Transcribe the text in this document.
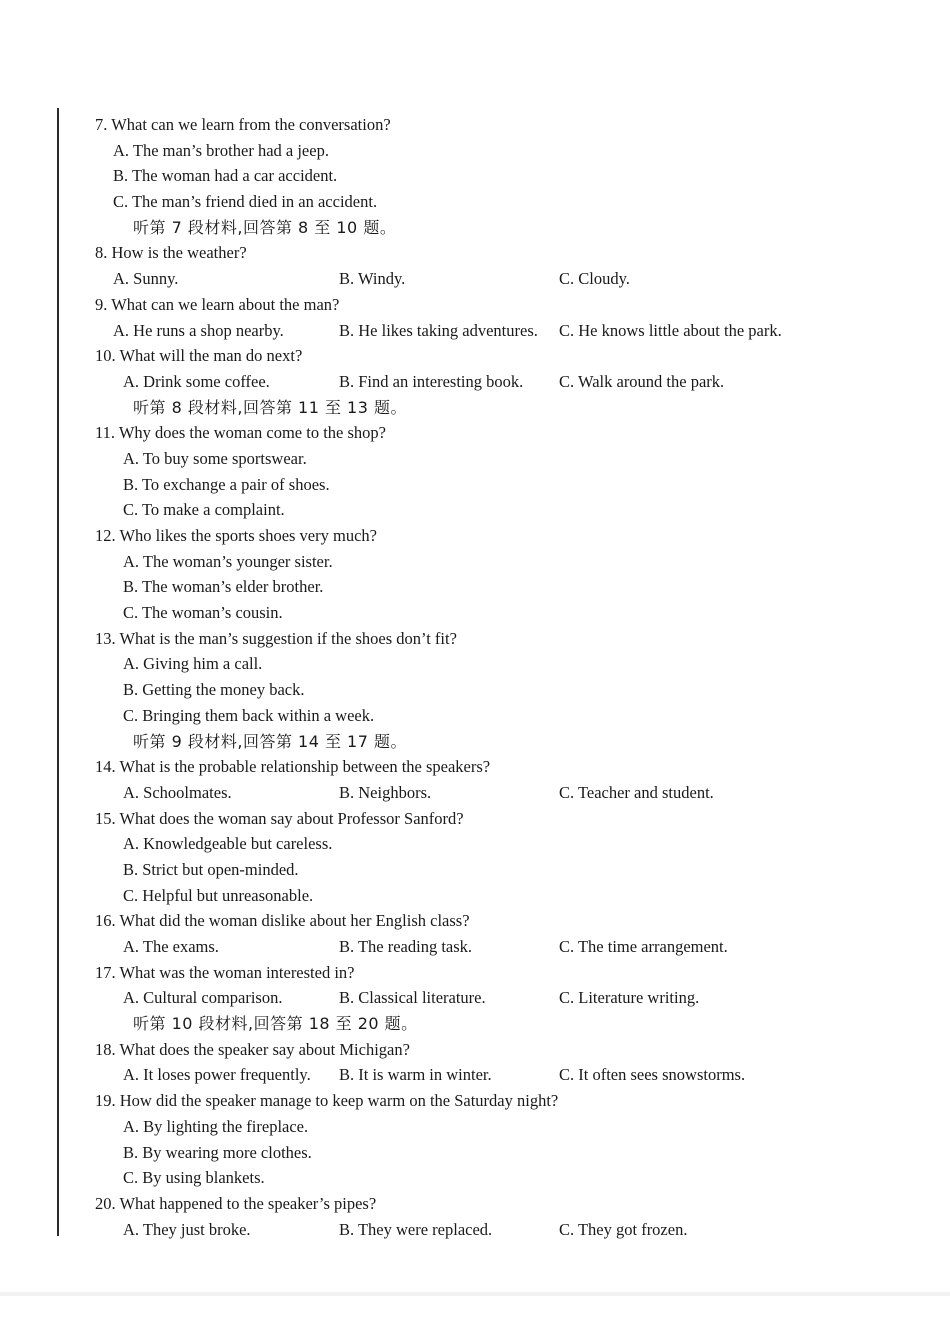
7. What can we learn from the conversation?
A. The man’s brother had a jeep.
B. The woman had a car accident.
C. The man’s friend died in an accident.
听第 7 段材料,回答第 8 至 10 题。
8. How is the weather?
A. Sunny.	B. Windy.	C. Cloudy.
9. What can we learn about the man?
A. He runs a shop nearby.	B. He likes taking adventures.	C. He knows little about the park.
10. What will the man do next?
A. Drink some coffee.	B. Find an interesting book.	C. Walk around the park.
听第 8 段材料,回答第 11 至 13 题。
11. Why does the woman come to the shop?
A. To buy some sportswear.
B. To exchange a pair of shoes.
C. To make a complaint.
12. Who likes the sports shoes very much?
A. The woman’s younger sister.
B. The woman’s elder brother.
C. The woman’s cousin.
13. What is the man’s suggestion if the shoes don’t fit?
A. Giving him a call.
B. Getting the money back.
C. Bringing them back within a week.
听第 9 段材料,回答第 14 至 17 题。
14. What is the probable relationship between the speakers?
A. Schoolmates.	B. Neighbors.	C. Teacher and student.
15. What does the woman say about Professor Sanford?
A. Knowledgeable but careless.
B. Strict but open-minded.
C. Helpful but unreasonable.
16. What did the woman dislike about her English class?
A. The exams.	B. The reading task.	C. The time arrangement.
17. What was the woman interested in?
A. Cultural comparison.	B. Classical literature.	C. Literature writing.
听第 10 段材料,回答第 18 至 20 题。
18. What does the speaker say about Michigan?
A. It loses power frequently.	B. It is warm in winter.	C. It often sees snowstorms.
19. How did the speaker manage to keep warm on the Saturday night?
A. By lighting the fireplace.
B. By wearing more clothes.
C. By using blankets.
20. What happened to the speaker’s pipes?
A. They just broke.	B. They were replaced.	C. They got frozen.
